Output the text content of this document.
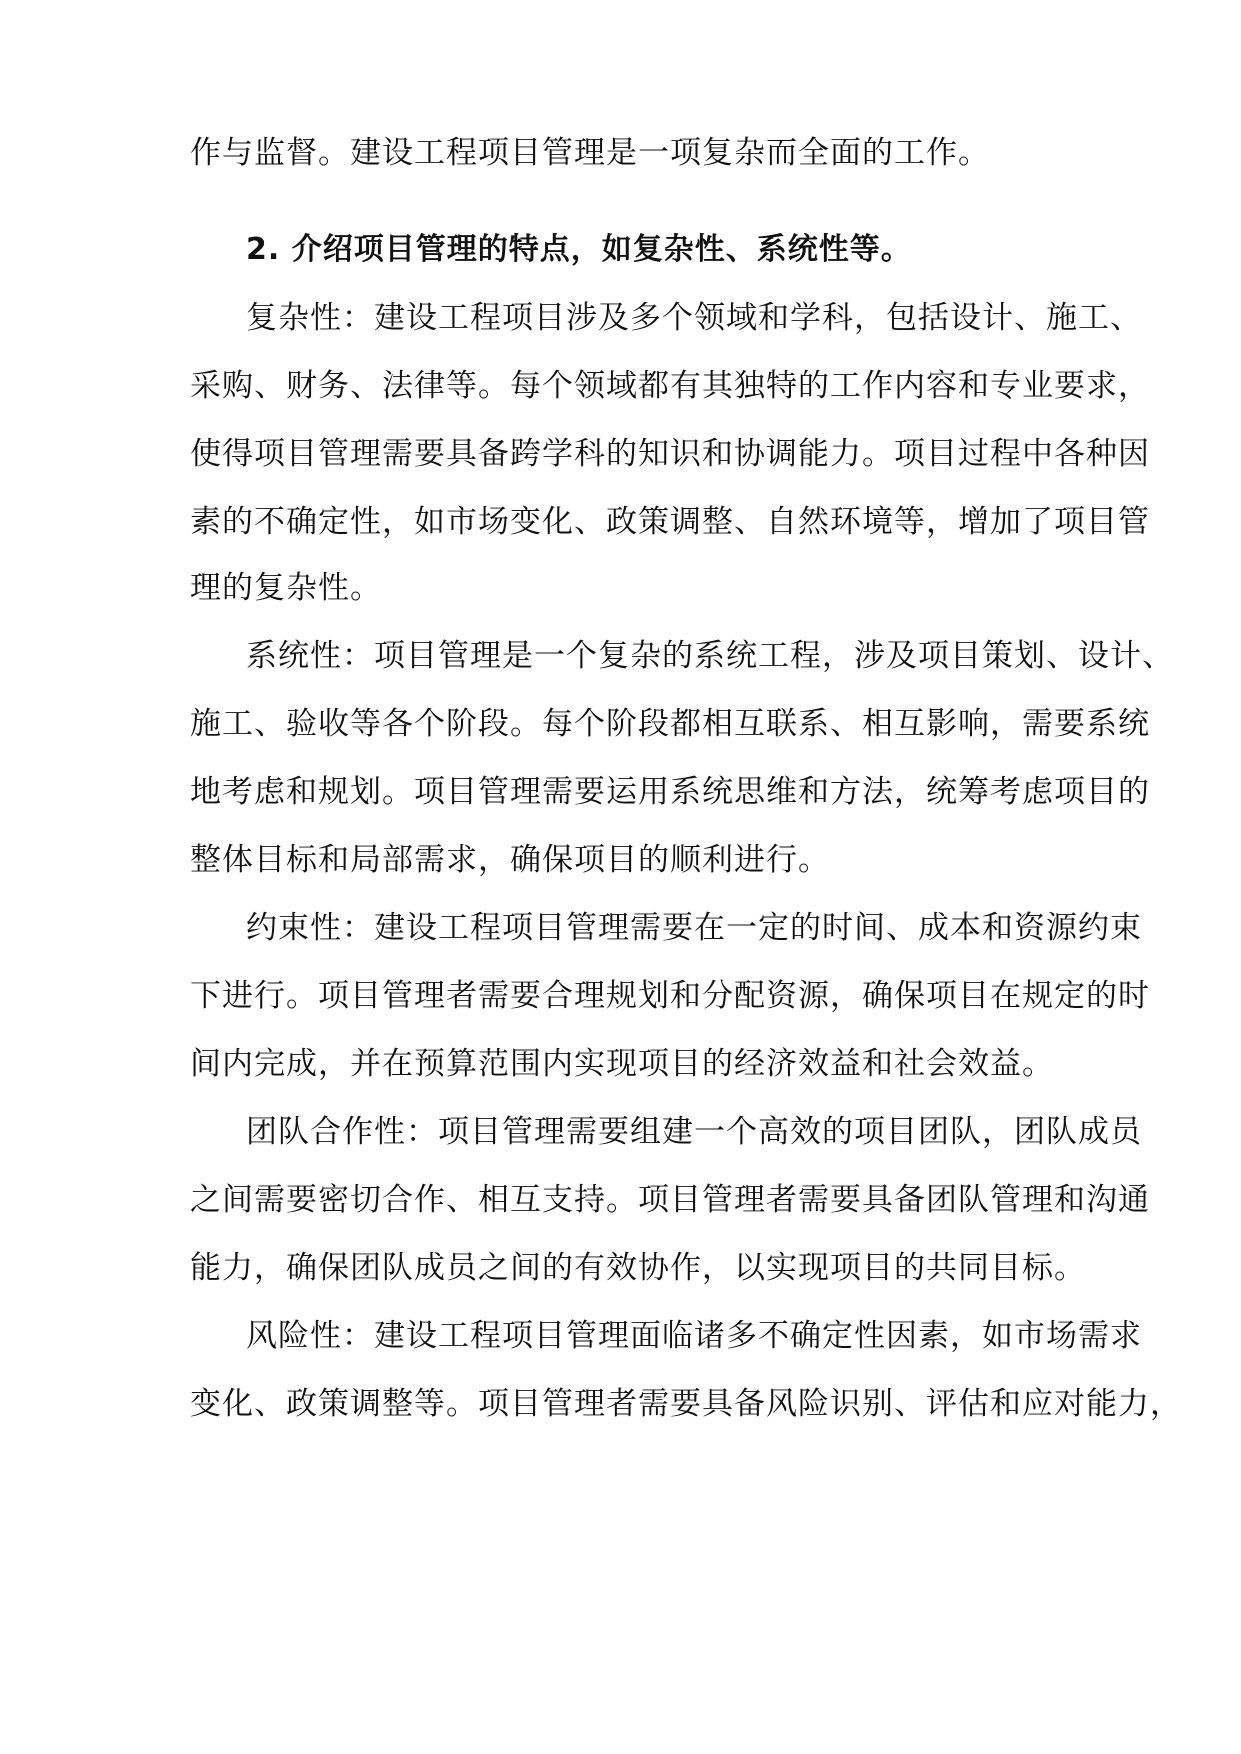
作与监督。建设工程项目管理是一项复杂而全面的工作。
2. 介绍项目管理的特点，如复杂性、系统性等。
复杂性：建设工程项目涉及多个领域和学科，包括设计、施工、
采购、财务、法律等。每个领域都有其独特的工作内容和专业要求，
使得项目管理需要具备跨学科的知识和协调能力。项目过程中各种因
素的不确定性，如市场变化、政策调整、自然环境等，增加了项目管
理的复杂性。
系统性：项目管理是一个复杂的系统工程，涉及项目策划、设计、
施工、验收等各个阶段。每个阶段都相互联系、相互影响，需要系统
地考虑和规划。项目管理需要运用系统思维和方法，统筹考虑项目的
整体目标和局部需求，确保项目的顺利进行。
约束性：建设工程项目管理需要在一定的时间、成本和资源约束
下进行。项目管理者需要合理规划和分配资源，确保项目在规定的时
间内完成，并在预算范围内实现项目的经济效益和社会效益。
团队合作性：项目管理需要组建一个高效的项目团队，团队成员
之间需要密切合作、相互支持。项目管理者需要具备团队管理和沟通
能力，确保团队成员之间的有效协作，以实现项目的共同目标。
风险性：建设工程项目管理面临诸多不确定性因素，如市场需求
变化、政策调整等。项目管理者需要具备风险识别、评估和应对能力，
